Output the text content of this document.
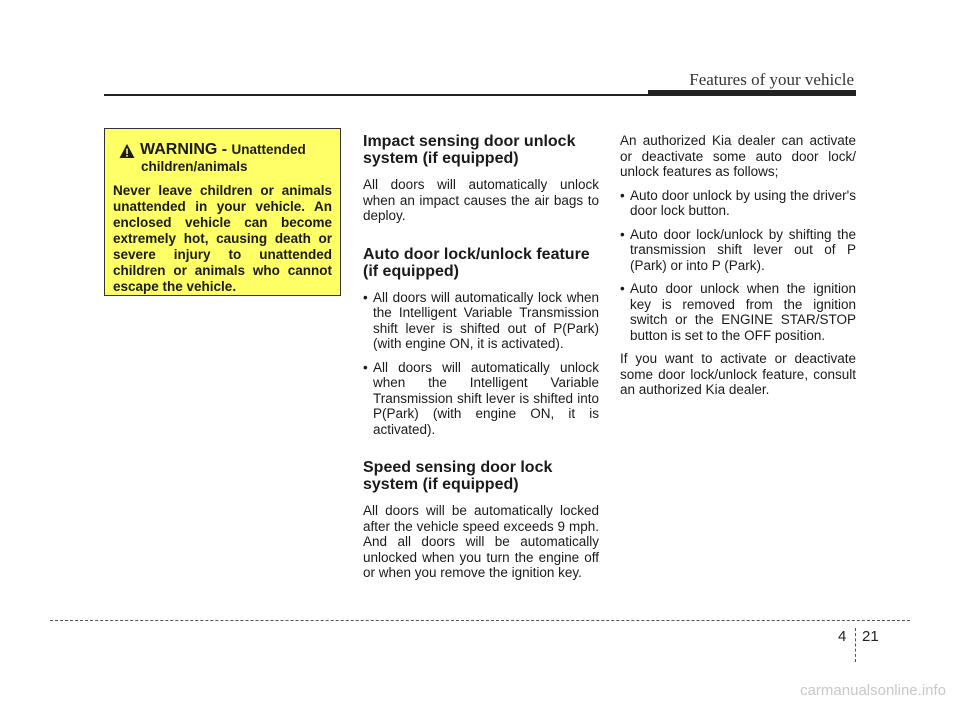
Features of your vehicle
WARNING - Unattended
children/animals
Never leave children or animals unattended in your vehicle. An enclosed vehicle can become extremely hot, causing death or severe injury to unattended children or animals who cannot escape the vehicle.
Impact sensing door unlock system (if equipped)

All doors will automatically unlock when an impact causes the air bags to deploy.

Auto door lock/unlock feature (if equipped)
• All doors will automatically lock when the Intelligent Variable Transmission shift lever is shifted out of P(Park) (with engine ON, it is activated).
• All doors will automatically unlock when the Intelligent Variable Transmission shift lever is shifted into P(Park) (with engine ON, it is activated).
Speed sensing door lock system (if equipped)

All doors will be automatically locked after the vehicle speed exceeds 9 mph. And all doors will be automatically unlocked when you turn the engine off or when you remove the ignition key.

An authorized Kia dealer can activate or deactivate some auto door lock/ unlock features as follows;

• Auto door unlock by using the driver's door lock button.
• Auto door lock/unlock by shifting the transmission shift lever out of P (Park) or into P (Park).
• Auto door unlock when the ignition key is removed from the ignition switch or the ENGINE STAR/STOP button is set to the OFF position.

If you want to activate or deactivate some door lock/unlock feature, consult an authorized Kia dealer.

4 21
carmanualsonline.info
